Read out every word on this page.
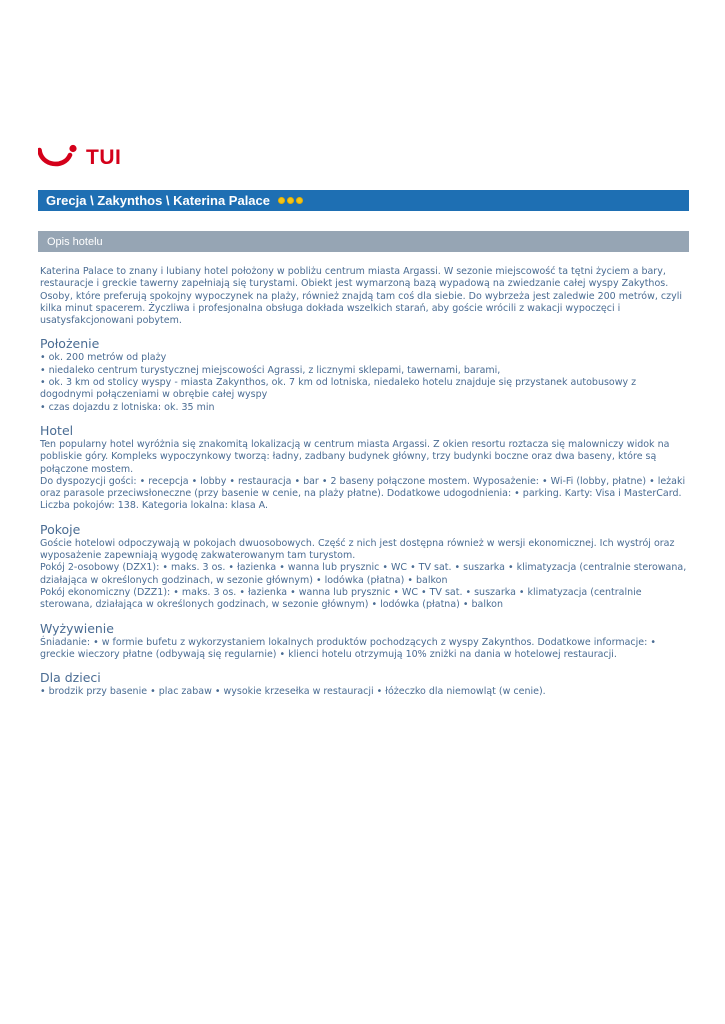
TUI
Grecja \ Zakynthos \ Katerina Palace
Opis hotelu

Katerina Palace to znany i lubiany hotel położony w pobliżu centrum miasta Argassi. W sezonie miejscowość ta tętni życiem a bary, restauracje i greckie tawerny zapełniają się turystami. Obiekt jest wymarzoną bazą wypadową na zwiedzanie całej wyspy Zakythos. Osoby, które preferują spokojny wypoczynek na plaży, również znajdą tam coś dla siebie. Do wybrzeża jest zaledwie 200 metrów, czyli kilka minut spacerem. Życzliwa i profesjonalna obsługa dokłada wszelkich starań, aby goście wrócili z wakacji wypoczęci i usatysfakcjonowani pobytem.

Położenie
• ok. 200 metrów od plaży
• niedaleko centrum turystycznej miejscowości Agrassi, z licznymi sklepami, tawernami, barami,
• ok. 3 km od stolicy wyspy - miasta Zakynthos, ok. 7 km od lotniska, niedaleko hotelu znajduje się przystanek autobusowy z dogodnymi połączeniami w obrębie całej wyspy
• czas dojazdu z lotniska: ok. 35 min
Hotel

Ten popularny hotel wyróżnia się znakomitą lokalizacją w centrum miasta Argassi. Z okien resortu roztacza się malowniczy widok na pobliskie góry. Kompleks wypoczynkowy tworzą: ładny, zadbany budynek główny, trzy budynki boczne oraz dwa baseny, które są połączone mostem.

Do dyspozycji gości: • recepcja • lobby • restauracja • bar • 2 baseny połączone mostem. Wyposażenie: • Wi-Fi (lobby, płatne) • leżaki oraz parasole przeciwsłoneczne (przy basenie w cenie, na plaży płatne). Dodatkowe udogodnienia: • parking. Karty: Visa i MasterCard. Liczba pokojów: 138. Kategoria lokalna: klasa A.

Pokoje

Goście hotelowi odpoczywają w pokojach dwuosobowych. Część z nich jest dostępna również w wersji ekonomicznej. Ich wystrój oraz wyposażenie zapewniają wygodę zakwaterowanym tam turystom.

Pokój 2-osobowy (DZX1): • maks. 3 os. • łazienka • wanna lub prysznic • WC • TV sat. • suszarka • klimatyzacja (centralnie sterowana, działająca w określonych godzinach, w sezonie głównym) • lodówka (płatna) • balkon

Pokój ekonomiczny (DZZ1): • maks. 3 os. • łazienka • wanna lub prysznic • WC • TV sat. • suszarka • klimatyzacja (centralnie sterowana, działająca w określonych godzinach, w sezonie głównym) • lodówka (płatna) • balkon

Wyżywienie

Śniadanie: • w formie bufetu z wykorzystaniem lokalnych produktów pochodzących z wyspy Zakynthos. Dodatkowe informacje: • greckie wieczory płatne (odbywają się regularnie) • klienci hotelu otrzymują 10% zniżki na dania w hotelowej restauracji.

Dla dzieci

• brodzik przy basenie • plac zabaw • wysokie krzesełka w restauracji • łóżeczko dla niemowląt (w cenie).
